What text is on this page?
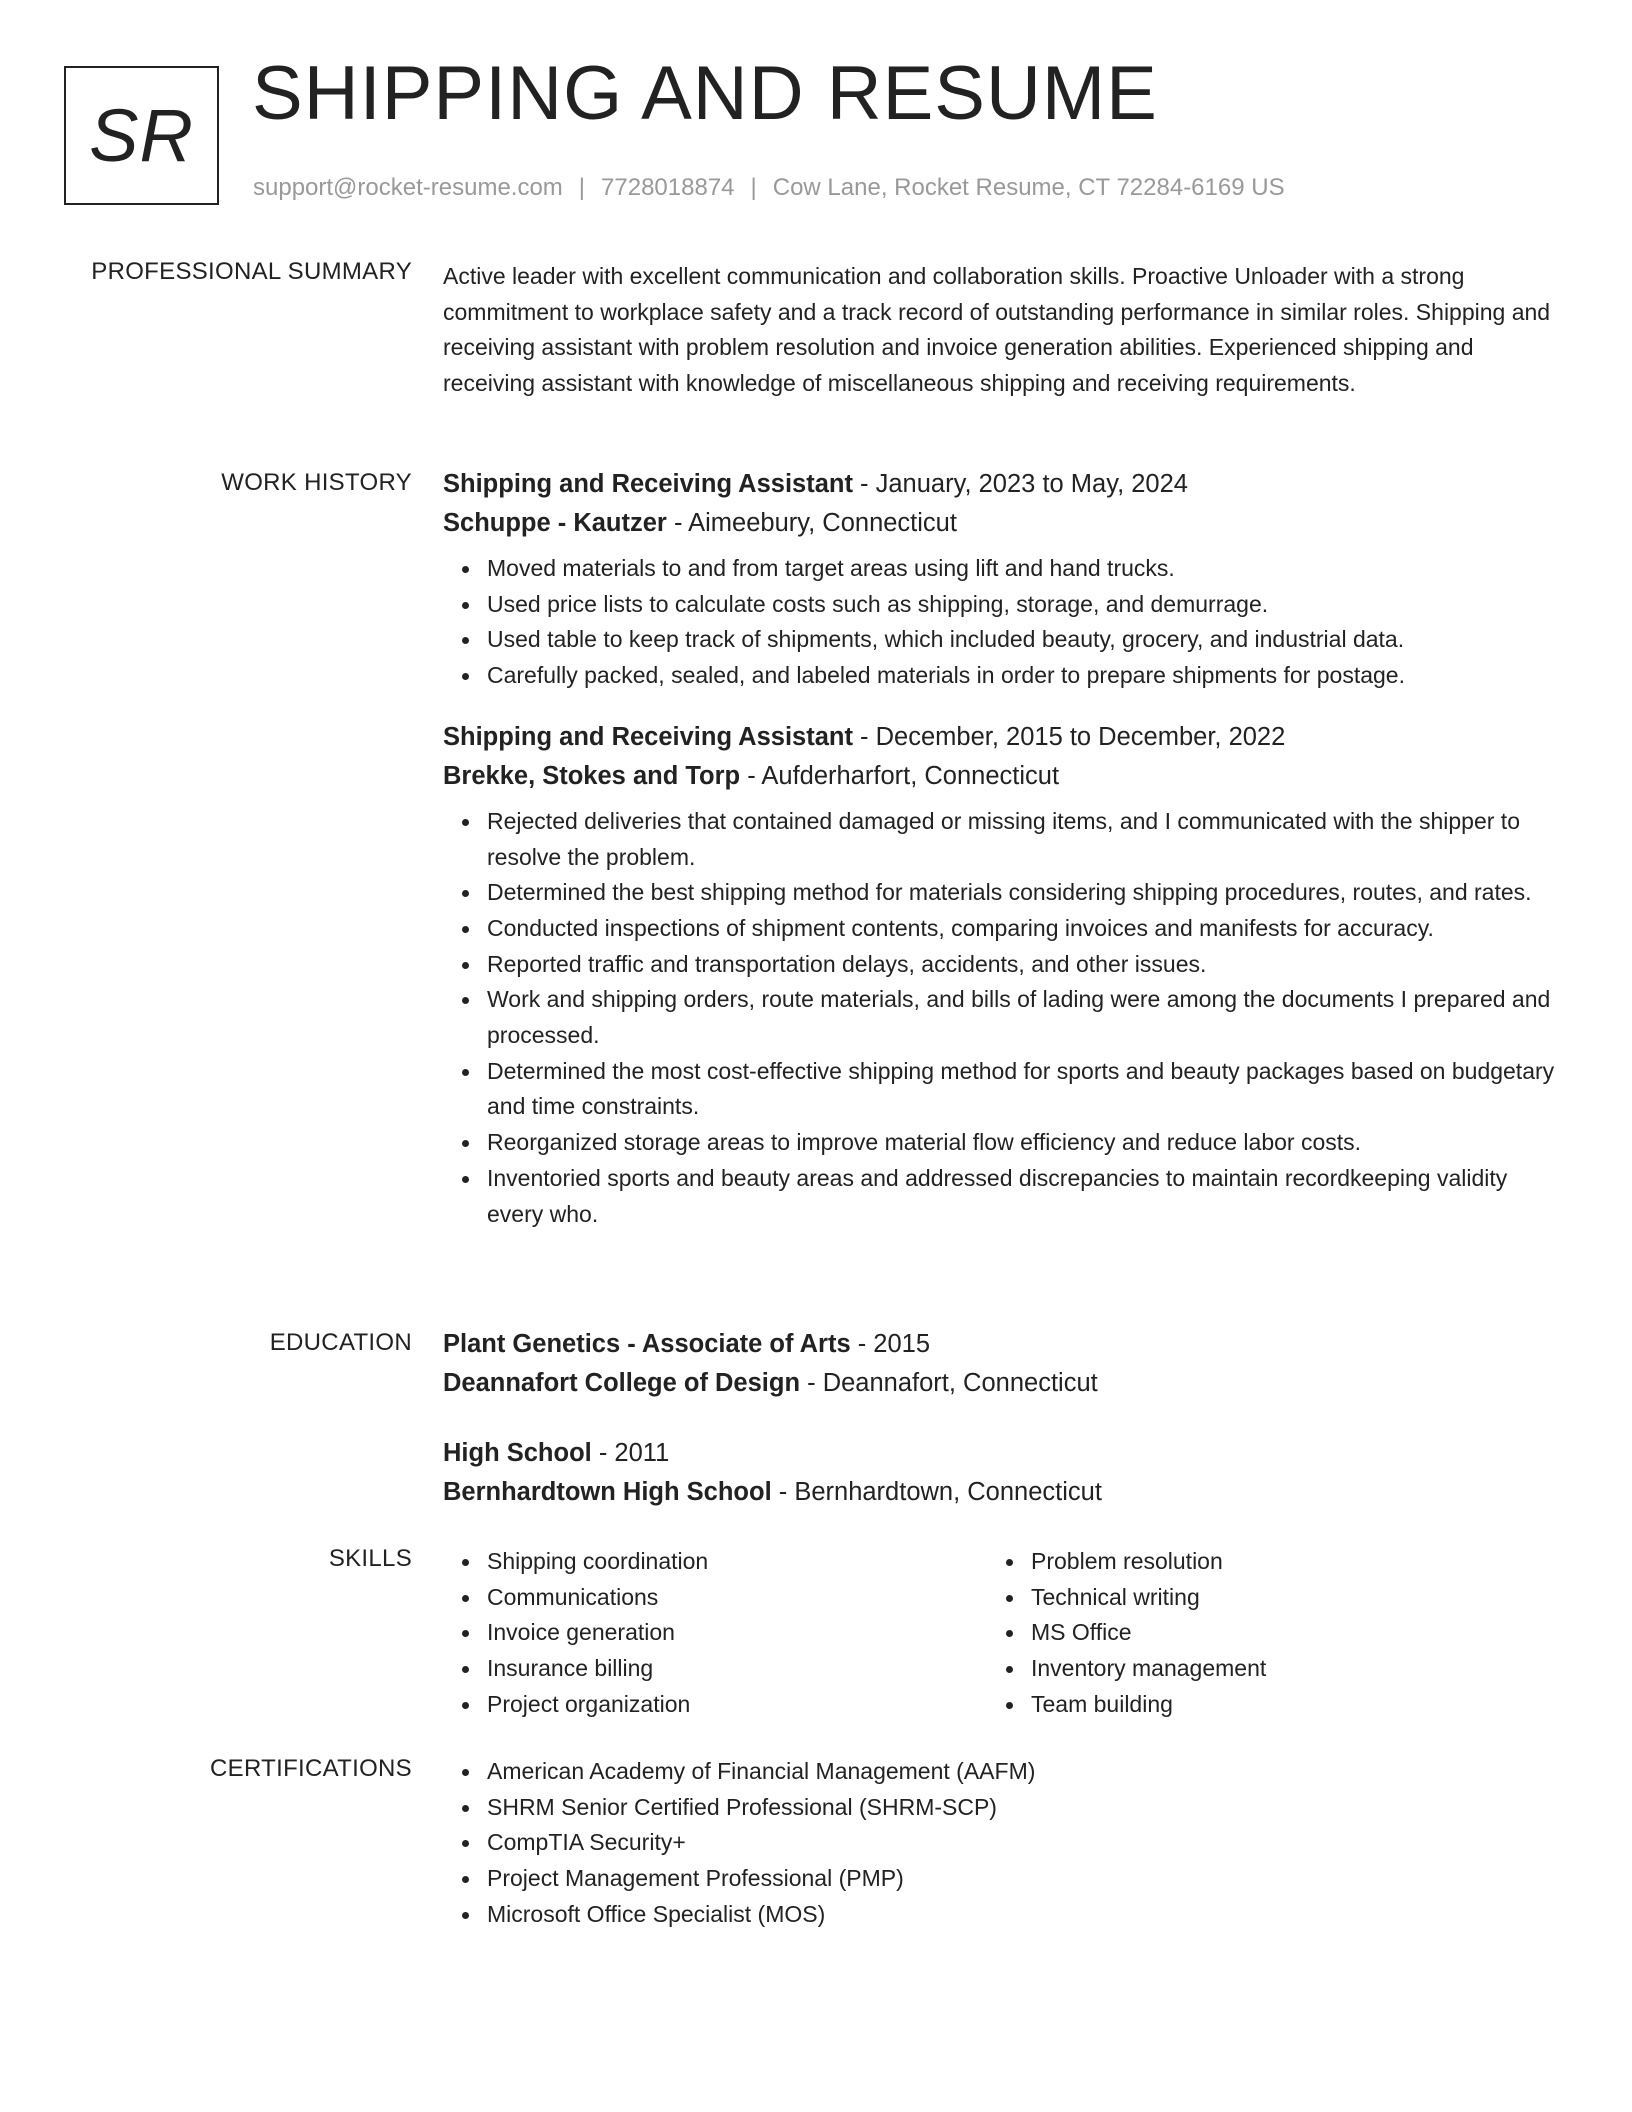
SR SHIPPING AND RESUME
support@rocket-resume.com | 7728018874 | Cow Lane, Rocket Resume, CT 72284-6169 US
PROFESSIONAL SUMMARY Active leader with excellent communication and collaboration skills. Proactive Unloader with a strong commitment to workplace safety and a track record of outstanding performance in similar roles. Shipping and receiving assistant with problem resolution and invoice generation abilities. Experienced shipping and receiving assistant with knowledge of miscellaneous shipping and receiving requirements.

WORK HISTORY Shipping and Receiving Assistant - January, 2023 to May, 2024
Schuppe - Kautzer - Aimeebury, Connecticut
Moved materials to and from target areas using lift and hand trucks.
Used price lists to calculate costs such as shipping, storage, and demurrage.
Used table to keep track of shipments, which included beauty, grocery, and industrial data.
Carefully packed, sealed, and labeled materials in order to prepare shipments for postage.
Shipping and Receiving Assistant - December, 2015 to December, 2022
Brekke, Stokes and Torp - Aufderharfort, Connecticut
Rejected deliveries that contained damaged or missing items, and I communicated with the shipper to resolve the problem.
Determined the best shipping method for materials considering shipping procedures, routes, and rates.
Conducted inspections of shipment contents, comparing invoices and manifests for accuracy.
Reported traffic and transportation delays, accidents, and other issues.
Work and shipping orders, route materials, and bills of lading were among the documents I prepared and processed.
Determined the most cost-effective shipping method for sports and beauty packages based on budgetary and time constraints.
Reorganized storage areas to improve material flow efficiency and reduce labor costs.
Inventoried sports and beauty areas and addressed discrepancies to maintain recordkeeping validity every who.
EDUCATION Plant Genetics - Associate of Arts - 2015
Deannafort College of Design - Deannafort, Connecticut
High School - 2011
Bernhardtown High School - Bernhardtown, Connecticut
SKILLS	Shipping coordination
Communications
Invoice generation
Insurance billing
Project organization
Problem resolution
Technical writing
MS Office
Inventory management
Team building
CERTIFICATIONS	American Academy of Financial Management (AAFM)
SHRM Senior Certified Professional (SHRM-SCP)
CompTIA Security+
Project Management Professional (PMP)
Microsoft Office Specialist (MOS)
